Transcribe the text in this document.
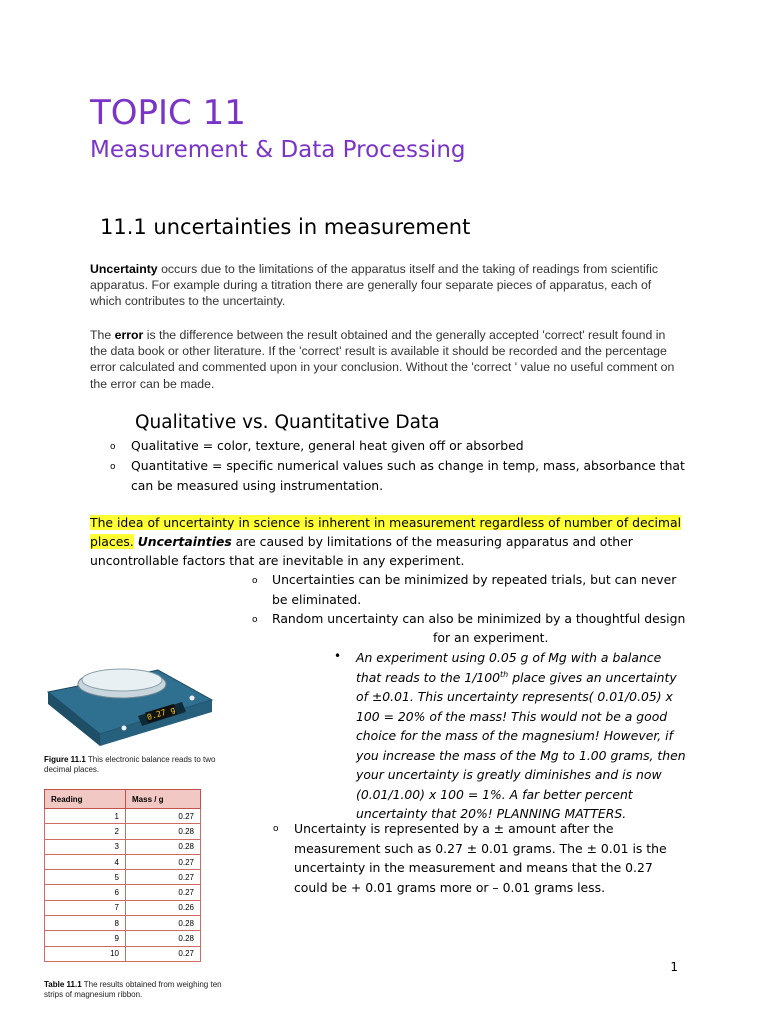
TOPIC 11
Measurement & Data Processing
11.1 uncertainties in measurement
Uncertainty occurs due to the limitations of the apparatus itself and the taking of readings from scientific apparatus. For example during a titration there are generally four separate pieces of apparatus, each of which contributes to the uncertainty.
The error is the difference between the result obtained and the generally accepted 'correct' result found in the data book or other literature. If the 'correct' result is available it should be recorded and the percentage error calculated and commented upon in your conclusion. Without the 'correct ' value no useful comment on the error can be made.
Qualitative vs. Quantitative Data
o Qualitative = color, texture, general heat given off or absorbed
o Quantitative = specific numerical values such as change in temp, mass, absorbance that
can be measured using instrumentation.
The idea of uncertainty in science is inherent in measurement regardless of number of decimal
places. Uncertainties are caused by limitations of the measuring apparatus and other
uncontrollable factors that are inevitable in any experiment.
o Uncertainties can be minimized by repeated trials, but can never
be eliminated.
o Random uncertainty can also be minimized by a thoughtful design
for an experiment.
• An experiment using 0.05 g of Mg with a balance
that reads to the 1/100th place gives an uncertainty
of ±0.01. This uncertainty represents( 0.01/0.05) x
100 = 20% of the mass! This would not be a good
choice for the mass of the magnesium! However, if
you increase the mass of the Mg to 1.00 grams, then
your uncertainty is greatly diminishes and is now
(0.01/1.00) x 100 = 1%. A far better percent
uncertainty that 20%! PLANNING MATTERS.
o Uncertainty is represented by a ± amount after the
measurement such as 0.27 ± 0.01 grams. The ± 0.01 is the
uncertainty in the measurement and means that the 0.27
could be + 0.01 grams more or – 0.01 grams less.
0.27 g
Figure 11.1 This electronic balance reads to two decimal places.
Reading	Mass / g
1	0.27
2	0.28
3	0.28
4	0.27
5	0.27
6	0.27
7	0.26
8	0.28
9	0.28
10	0.27
Table 11.1 The results obtained from weighing ten strips of magnesium ribbon.
1
